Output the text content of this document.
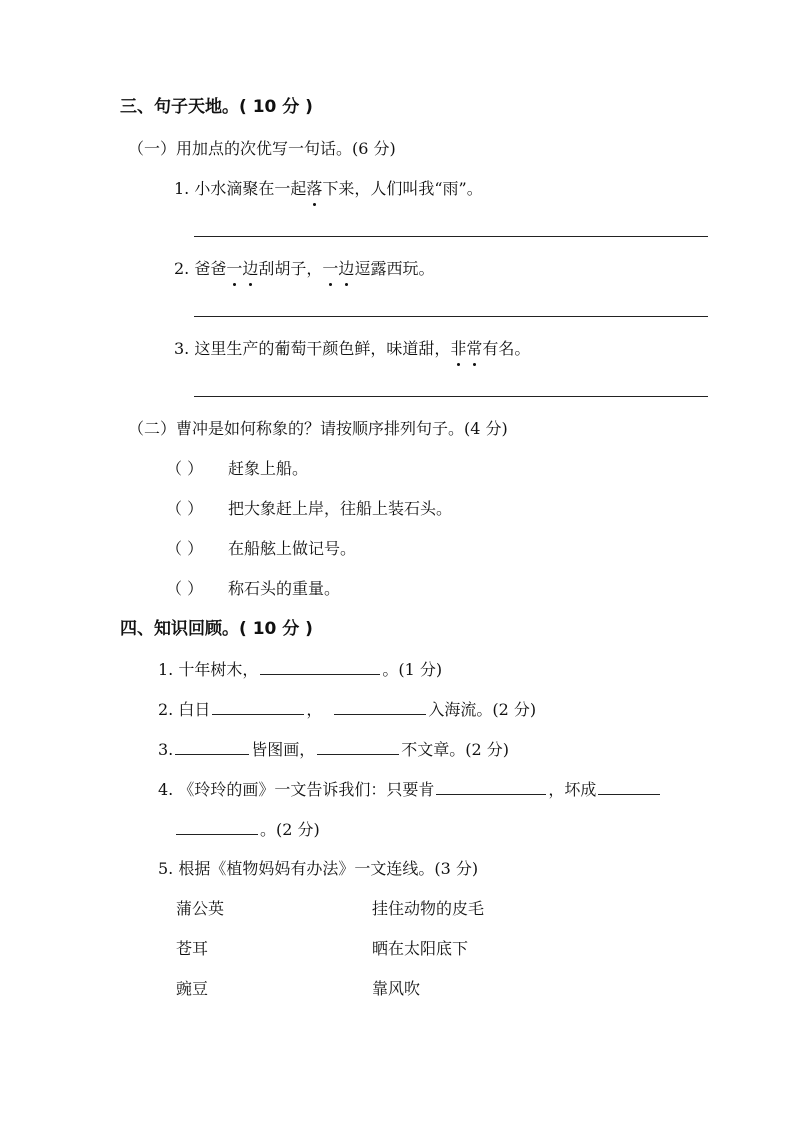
三、句子天地。( 10 分 )
（一）用加点的次优写一句话。(6 分)
1. 小水滴聚在一起落下来，人们叫我“雨”。
2. 爸爸一边刮胡子，一边逗露西玩。
3. 这里生产的葡萄干颜色鲜，味道甜，非常有名。
（二）曹冲是如何称象的？请按顺序排列句子。(4 分)
（ ） 赶象上船。
（ ） 把大象赶上岸，往船上装石头。
（ ） 在船舷上做记号。
（ ） 称石头的重量。
四、知识回顾。( 10 分 )
1. 十年树木，	。(1 分)
2. 白日	，	入海流。(2 分)
3.	皆图画，	不文章。(2 分)
4. 《玲玲的画》一文告诉我们：只要肯	，坏成
。(2 分)
5. 根据《植物妈妈有办法》一文连线。(3 分)
蒲公英	挂住动物的皮毛
苍耳	晒在太阳底下
豌豆	靠风吹
